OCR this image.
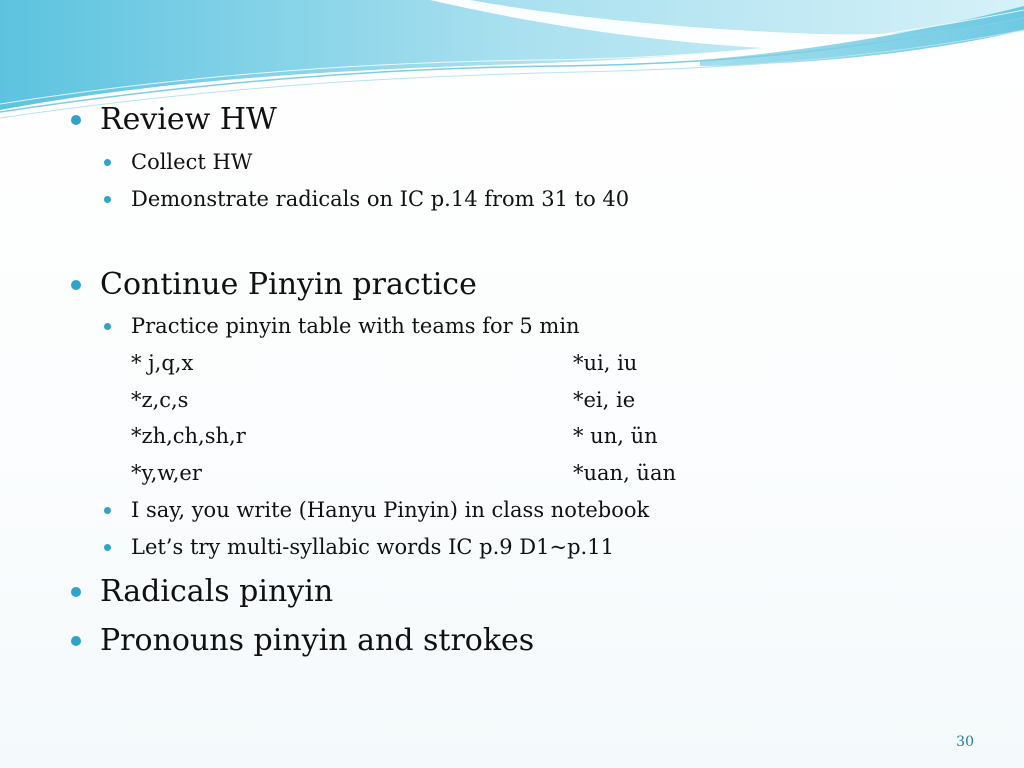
Review HW
Collect HW
Demonstrate radicals on IC p.14 from 31 to 40
Continue Pinyin practice
Practice pinyin table with teams for 5 min
* j,q,x	*ui, iu
*z,c,s	*ei, ie
*zh,ch,sh,r	* un, ün
*y,w,er	*uan, üan
I say, you write (Hanyu Pinyin) in class notebook
Let’s try multi-syllabic words IC p.9 D1~p.11
Radicals pinyin
Pronouns pinyin and strokes
30
